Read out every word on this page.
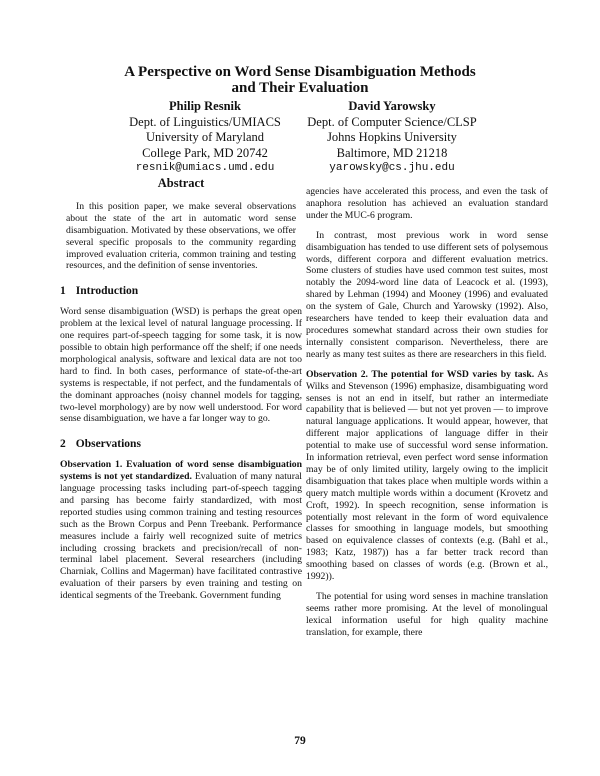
A Perspective on Word Sense Disambiguation Methods
and Their Evaluation
Philip Resnik
Dept. of Linguistics/UMIACS
University of Maryland
College Park, MD 20742
resnik@umiacs.umd.edu
David Yarowsky
Dept. of Computer Science/CLSP
Johns Hopkins University
Baltimore, MD 21218
yarowsky@cs.jhu.edu
Abstract

In this position paper, we make several observations about the state of the art in automatic word sense disambiguation. Motivated by these observations, we offer several specific proposals to the community regarding improved evaluation criteria, common training and testing resources, and the definition of sense inventories.

1 Introduction

Word sense disambiguation (WSD) is perhaps the great open problem at the lexical level of natural language processing. If one requires part-of-speech tagging for some task, it is now possible to obtain high performance off the shelf; if one needs morphological analysis, software and lexical data are not too hard to find. In both cases, performance of state-of-the-art systems is respectable, if not perfect, and the fundamentals of the dominant approaches (noisy channel models for tagging, two-level morphology) are by now well understood. For word sense disambiguation, we have a far longer way to go.

2 Observations

Observation 1. Evaluation of word sense disambiguation systems is not yet standardized. Evaluation of many natural language processing tasks including part-of-speech tagging and parsing has become fairly standardized, with most reported studies using common training and testing resources such as the Brown Corpus and Penn Treebank. Performance measures include a fairly well recognized suite of metrics including crossing brackets and precision/recall of non-terminal label placement. Several researchers (including Charniak, Collins and Magerman) have facilitated contrastive evaluation of their parsers by even training and testing on identical segments of the Treebank. Government funding

agencies have accelerated this process, and even the task of anaphora resolution has achieved an evaluation standard under the MUC-6 program.

In contrast, most previous work in word sense disambiguation has tended to use different sets of polysemous words, different corpora and different evaluation metrics. Some clusters of studies have used common test suites, most notably the 2094-word line data of Leacock et al. (1993), shared by Lehman (1994) and Mooney (1996) and evaluated on the system of Gale, Church and Yarowsky (1992). Also, researchers have tended to keep their evaluation data and procedures somewhat standard across their own studies for internally consistent comparison. Nevertheless, there are nearly as many test suites as there are researchers in this field.

Observation 2. The potential for WSD varies by task. As Wilks and Stevenson (1996) emphasize, disambiguating word senses is not an end in itself, but rather an intermediate capability that is believed — but not yet proven — to improve natural language applications. It would appear, however, that different major applications of language differ in their potential to make use of successful word sense information. In information retrieval, even perfect word sense information may be of only limited utility, largely owing to the implicit disambiguation that takes place when multiple words within a query match multiple words within a document (Krovetz and Croft, 1992). In speech recognition, sense information is potentially most relevant in the form of word equivalence classes for smoothing in language models, but smoothing based on equivalence classes of contexts (e.g. (Bahl et al., 1983; Katz, 1987)) has a far better track record than smoothing based on classes of words (e.g. (Brown et al., 1992)).

The potential for using word senses in machine translation seems rather more promising. At the level of monolingual lexical information useful for high quality machine translation, for example, there

79
